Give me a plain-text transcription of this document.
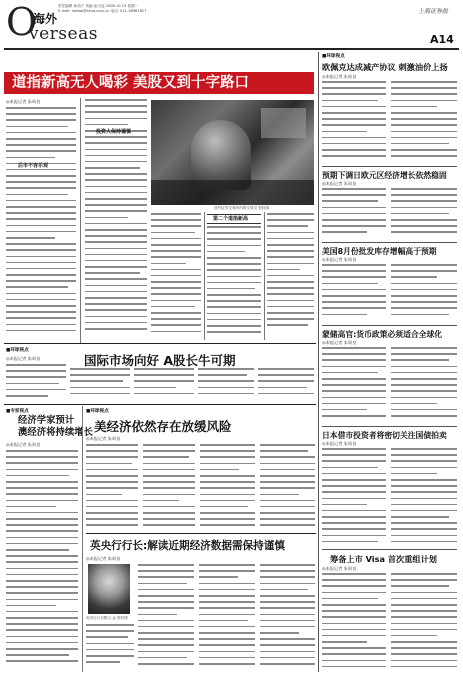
O
海外
verseas
责任编辑 孙西宁 美编 崔川逵 2008.10.13 星期一
E-mail: haiwai@shzq.com.cn 电话: 021-38967827	上海证券报
A14
道指新高无人喝彩 美股又到十字路口
◎本报记者 朱周良
后市不容乐观
投资人保持谨慎
纽约证券交易所内的交易员 资料图
第二个道指新高
■环球视点
欧佩克达成减产协议 刺激油价上扬
◎本报记者 朱周良
预期下调日欧元区经济增长依然稳固
◎本报记者 朱周良
美国8月份批发库存增幅高于预期
◎本报记者 朱周良
蒙储高官:货币政策必须适合全球化
◎本报记者 朱周良
日本借市投资者将密切关注国债拍卖
◎本报记者 朱周良
筹备上市 Visa 首次重组计划
◎本报记者 朱周良
■环球视点
◎本报记者 朱周良	国际市场向好 A股长牛可期
■专家视点
经济学家预计
澳经济将持续增长
◎本报记者 朱周良
■环球视点
美经济依然存在放缓风险
◎本报记者 朱周良
英央行行长:解读近期经济数据需保持谨慎
◎本报记者 朱周良
英央行行长默文·金 资料图
